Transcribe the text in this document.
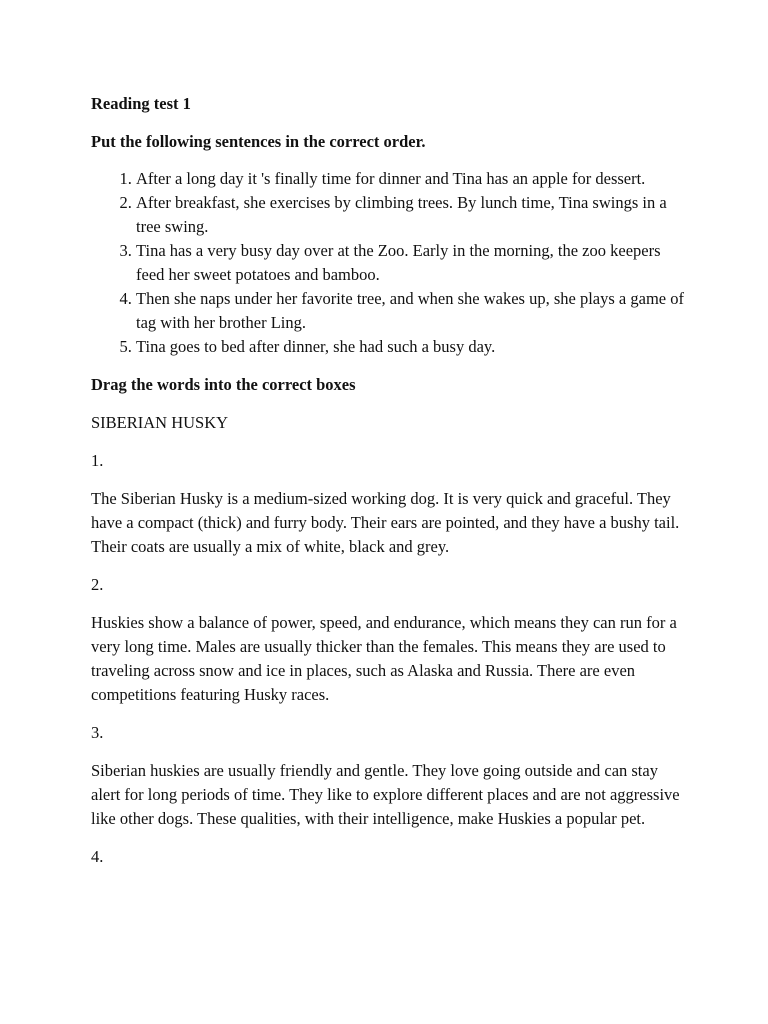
Reading test 1

Put the following sentences in the correct order.

1. After a long day it 's finally time for dinner and Tina has an apple for dessert.
2. After breakfast, she exercises by climbing trees. By lunch time, Tina swings in a tree swing.
3. Tina has a very busy day over at the Zoo. Early in the morning, the zoo keepers feed her sweet potatoes and bamboo.
4. Then she naps under her favorite tree, and when she wakes up, she plays a game of tag with her brother Ling.
5. Tina goes to bed after dinner, she had such a busy day.

Drag the words into the correct boxes

SIBERIAN HUSKY

1.

The Siberian Husky is a medium-sized working dog. It is very quick and graceful. They have a compact (thick) and furry body. Their ears are pointed, and they have a bushy tail. Their coats are usually a mix of white, black and grey.

2.

Huskies show a balance of power, speed, and endurance, which means they can run for a very long time. Males are usually thicker than the females. This means they are used to traveling across snow and ice in places, such as Alaska and Russia. There are even competitions featuring Husky races.

3.

Siberian huskies are usually friendly and gentle. They love going outside and can stay alert for long periods of time. They like to explore different places and are not aggressive like other dogs. These qualities, with their intelligence, make Huskies a popular pet.

4.
